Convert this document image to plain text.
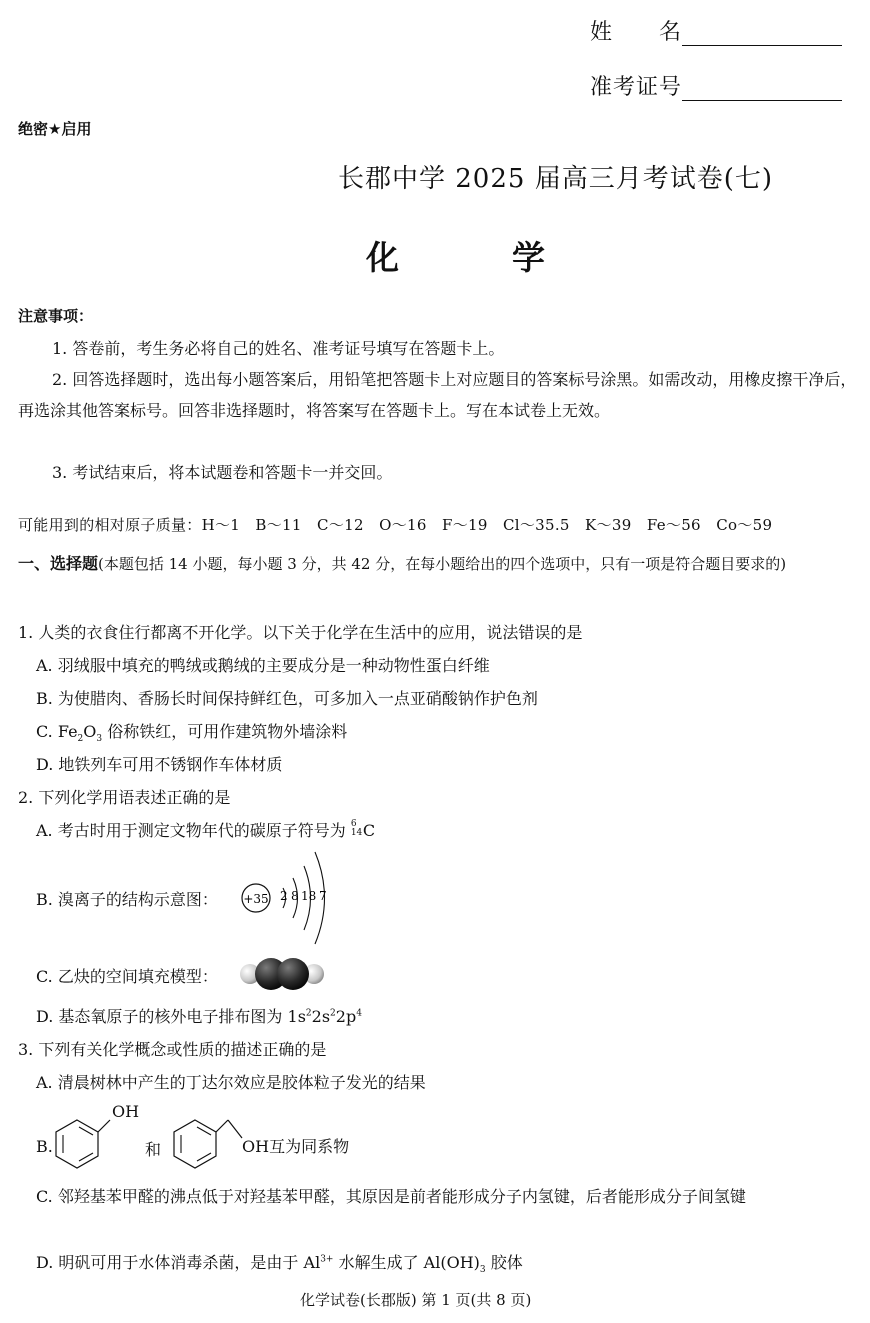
姓　　名
准考证号
绝密★启用
长郡中学 2025 届高三月考试卷(七)
化　学
注意事项：
1. 答卷前，考生务必将自己的姓名、准考证号填写在答题卡上。
2. 回答选择题时，选出每小题答案后，用铅笔把答题卡上对应题目的答案标号涂黑。如需改动，用橡皮擦干净后，再选涂其他答案标号。回答非选择题时，将答案写在答题卡上。写在本试卷上无效。
3. 考试结束后，将本试题卷和答题卡一并交回。
可能用到的相对原子质量：H～1　B～11　C～12　O～16　F～19　Cl～35.5　K～39　Fe～56　Co～59
一、选择题(本题包括 14 小题，每小题 3 分，共 42 分，在每小题给出的四个选项中，只有一项是符合题目要求的)
1. 人类的衣食住行都离不开化学。以下关于化学在生活中的应用，说法错误的是
A. 羽绒服中填充的鸭绒或鹅绒的主要成分是一种动物性蛋白纤维
B. 为使腊肉、香肠长时间保持鲜红色，可多加入一点亚硝酸钠作护色剂
C. $Fe_2O_3$ 俗称铁红，可用作建筑物外墙涂料
D. 地铁列车可用不锈钢作车体材质
2. 下列化学用语表述正确的是
A. 考古时用于测定文物年代的碳原子符号为 6
14 C
B. 溴离子的结构示意图： +35 2 8 18 7
C. 乙炔的空间填充模型：
D. 基态氧原子的核外电子排布图为 $1s^22s^22p^4$
3. 下列有关化学概念或性质的描述正确的是
A. 清晨树林中产生的丁达尔效应是胶体粒子发光的结果
B.
OH
和	OH互为同系物
C. 邻羟基苯甲醛的沸点低于对羟基苯甲醛，其原因是前者能形成分子内氢键，后者能形成分子间氢键
D. 明矾可用于水体消毒杀菌，是由于 $Al^{3+}$ 水解生成了 $Al(OH)_3$ 胶体
化学试卷(长郡版) 第 1 页(共 8 页)
